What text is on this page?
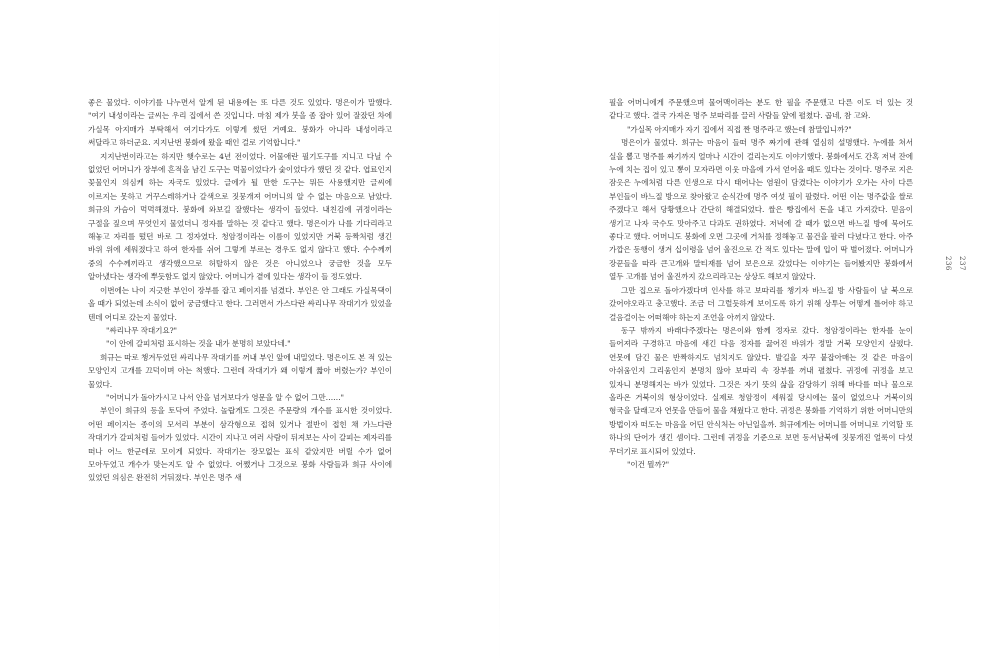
좋은 물었다. 이야기를 나누면서 알게 된 내용에는 또 다른 것도 있었다. 명은이가 말했다. "여기 내성이라는 글씨는 우리 집에서 쓴 것입니다. 마침 제가 붓을 좀 잡아 있어 잘잤던 차에 가실목 아지매가 부탁해서 여기다가도 이렇게 썼던 거예요. 붕화가 아니라 내성이라고 써달라고 하더군요. 지지난번 붕화에 왔을 때인 걸로 기억합니다."

지지난번이라고는 하지만 햇수로는 4년 전이었다. 어물애란 필기도구를 지니고 다닐 수 없었던 어머니가 장부에 흔적을 남긴 도구는 먹물이었다가 숯이었다가 했던 것 같다. 엽료인지 꽃물인지 의심케 하는 자국도 있었다. 글에가 될 만한 도구는 뭐든 사용했지만 글씨에 이르지는 못하고 거꾸스레하거나 갈색으로 짓뭉개져 어머니의 알 수 없는 마음으로 남았다. 희규의 가슴이 먹먹해졌다. 붕화에 와보길 잘했다는 생각이 들었다. 내친김에 귀정이라는 구절을 짚으며 무엇인지 물었더니 정자를 말하는 것 같다고 했다. 명은이가 나를 기다리라고 해놓고 자리를 떴던 바로 그 정자였다. 청암정이라는 이름이 있었지만 거북 등짝처럼 생긴 바위 위에 세워졌다고 하여 한자를 쉬어 그렇게 부르는 경우도 없지 않다고 했다. 수수께끼 중의 수수께끼라고 생각했으므로 허탈하지 않은 것은 아니었으나 궁금한 것을 모두 알아냈다는 생각에 뿌듯함도 없지 않았다. 어머니가 곁에 있다는 생각이 들 정도였다.

이번에는 나이 지긋한 부인이 장부를 잡고 페이지를 넘겼다. 부인은 안 그래도 가실목댁이 올 때가 되었는데 소식이 없어 궁금했다고 한다. 그러면서 가스다란 싸리나무 작대기가 있었을 텐데 어디로 갔는지 물었다.

"싸리나무 작대기요?"

"이 안에 갈피처럼 표시하는 것을 내가 분명히 보았다네."

희규는 따로 챙겨두었던 싸리나무 작대기를 꺼내 부인 앞에 내밀었다. 명은이도 본 적 있는 모양인지 고개를 끄덕이며 아는 척했다. 그런데 작대기가 왜 이렇게 짧아 버렸는가? 부인이 물었다.

"어머니가 돌아가시고 나서 안을 넘겨보다가 영문을 알 수 없어 그만……"

부인이 희규의 등을 토닥여 주었다. 놀랍게도 그것은 주문량의 개수를 표시한 것이었다. 어떤 페이지는 종이의 모서리 부분이 삼각형으로 접혀 있거나 절반이 접힌 채 가느다란 작대기가 갈피처럼 들어가 있었다. 시간이 지나고 여러 사람이 뒤져보는 사이 갈피는 제자리를 떠나 어느 한군데로 모이게 되었다. 작대기는 장모없는 표식 같았지만 버릴 수가 없어 모아두었고 개수가 맞는지도 알 수 없었다. 어쨌거나 그것으로 붕화 사람들과 희규 사이에 있었던 의심은 완전히 거둬졌다. 부인은 명주 새

필을 어머니에게 주문했으며 물어맥이라는 분도 한 필을 주문했고 다른 이도 더 있는 것 같다고 했다. 결국 가져온 명주 보따리를 끌러 사람들 앞에 펼쳤다. 곱네, 참 고와.

"가실목 아지매가 자기 집에서 직접 짠 명주라고 했는데 참말입니까?"

명은이가 물었다. 희규는 마음이 들떠 명주 짜기에 관해 열심히 설명했다. 누에를 쳐서 실을 뽑고 명주를 짜기까지 얼마나 시간이 걸리는지도 이야기했다. 붕화에서도 간혹 저녁 잔에 누에 치는 집이 있고 뽕이 모자라면 이웃 마을에 가서 얻어올 때도 있다는 것이다. 명주로 지은 잠옷은 누에처럼 다른 인생으로 다시 태어나는 염원이 담겼다는 이야기가 오가는 사이 다른 부인들이 바느질 방으로 찾아왔고 순식간에 명주 여섯 필이 팔렸다. 어떤 이는 명주값을 쌀로 주겠다고 해서 당황했으나 간단히 해결되었다. 쌀은 빵집에서 돈을 내고 가져갔다. 믿음이 생기고 나자 국수도 맛아주고 다과도 권하였다. 저녁에 갈 때가 없으면 바느질 방에 묵어도 좋다고 했다. 어머니도 붕화에 오면 그곳에 거처를 정해놓고 물건을 팔러 다녔다고 한다. 아주 가깝은 동행이 생겨 십이령을 넘어 울진으로 간 적도 있다는 말에 입이 딱 벌어졌다. 어머니가 장꾼들을 따라 큰고개와 말티재를 넘어 보은으로 갔었다는 이야기는 들어봤지만 붕화에서 열두 고개를 넘어 울진까지 갔으리라고는 상상도 해보지 않았다.

그만 집으로 돌아가겠다며 인사를 하고 보따리를 챙기자 바느질 방 사람들이 날 북으로 갔어야오라고 충고했다. 조금 더 그럴듯하게 보이도록 하기 위해 상투는 어떻게 틀어야 하고 걸음걸이는 어떠해야 하는지 조언을 아끼지 않았다.

동구 밖까지 바래다주겠다는 명은이와 함께 정자로 갔다. 청암정이라는 한자를 눈이 들어져라 구경하고 마음에 새긴 다음 정자를 끓어진 바위가 정말 거북 모양인지 살폈다. 연못에 담긴 물은 반짝하지도 넘치지도 않았다. 발길을 자꾸 붙잡아매는 것 같은 마음이 아쉬움인지 그리움인지 분명치 않아 보따리 속 장부를 꺼내 펼쳤다. 귀정에 귀정을 보고 있자니 분명해지는 바가 있었다. 그것은 자기 뜻의 삶을 감당하기 위해 바다를 떠나 물으로 올라온 거북이의 형상이었다. 실제로 청암정이 세워질 당시에는 물이 없었으나 거북이의 형국을 달래고자 연못을 만들어 물을 채웠다고 한다. 귀정은 붕화를 기억하기 위한 어머니만의 방법이자 떠도는 마음을 어딘 안식처는 아닌일을까. 희규에게는 어머니를 어머니로 기억할 또 하나의 단어가 생긴 셈이다. 그런데 귀정을 기준으로 보면 동서남북에 짓뭉개진 얼룩이 다섯 무더기로 표시되어 있었다.

"이건 뭘까?"

236 237
